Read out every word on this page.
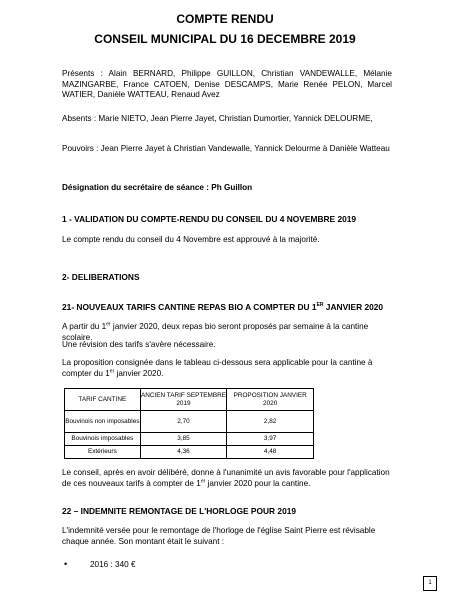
COMPTE RENDU
CONSEIL MUNICIPAL DU 16 DECEMBRE 2019
Présents : Alain BERNARD, Philippe GUILLON, Christian VANDEWALLE, Mélanie MAZINGARBE, France CATOEN, Denise DESCAMPS, Marie Renée PELON, Marcel WATIER, Danièle WATTEAU, Renaud Avez
Absents : Marie NIETO, Jean Pierre Jayet, Christian Dumortier, Yannick DELOURME,
Pouvoirs : Jean Pierre Jayet à Christian Vandewalle, Yannick Delourme à Danièle Watteau
Désignation du secrétaire de séance : Ph Guillon
1 - VALIDATION DU COMPTE-RENDU DU CONSEIL DU 4 NOVEMBRE 2019
Le compte rendu du conseil du 4 Novembre est approuvé à la majorité.
2- DELIBERATIONS
21- NOUVEAUX TARIFS CANTINE REPAS BIO A COMPTER DU 1ER JANVIER 2020
A partir du 1er janvier 2020, deux repas bio seront proposés par semaine à la cantine scolaire.
Une révision des tarifs s'avère nécessaire.
La proposition consignée dans le tableau ci-dessous sera applicable pour la cantine à compter du 1er janvier 2020.
TARIF CANTINE	ANCIEN TARIF SEPTEMBRE 2019	PROPOSITION JANVIER 2020
Bouvinois non imposables	2,70	2,82
Bouvinois imposables	3,85	3,97
Extérieurs	4,36	4,48
Le conseil, après en avoir délibéré, donne à l'unanimité un avis favorable pour l'application de ces nouveaux tarifs à compter de 1er janvier 2020 pour la cantine.
22 – INDEMNITE REMONTAGE DE L'HORLOGE POUR 2019
L'indemnité versée pour le remontage de l'horloge de l'église Saint Pierre est révisable chaque année. Son montant était le suivant :
•	2016 : 340 €
1
